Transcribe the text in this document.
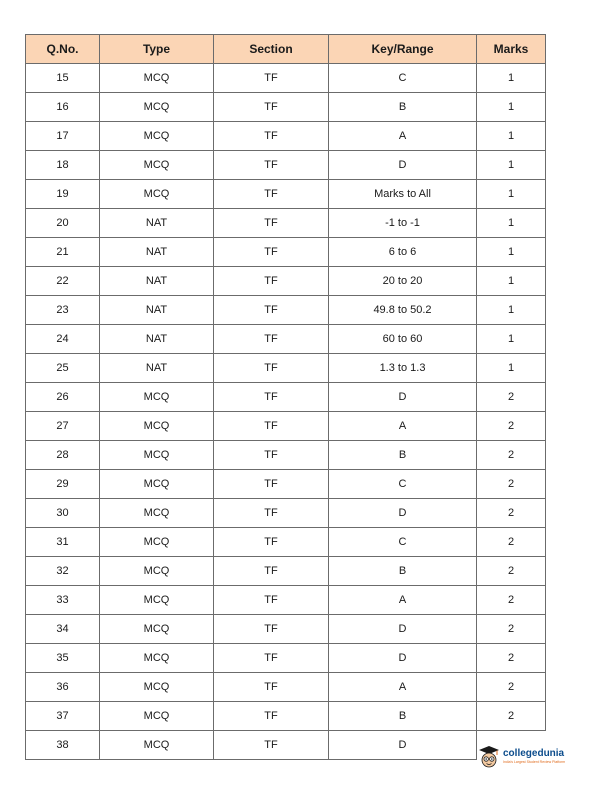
Q.No.	Type	Section	Key/Range	Marks
15	MCQ	TF	C	1
16	MCQ	TF	B	1
17	MCQ	TF	A	1
18	MCQ	TF	D	1
19	MCQ	TF	Marks to All	1
20	NAT	TF	-1 to -1	1
21	NAT	TF	6 to 6	1
22	NAT	TF	20 to 20	1
23	NAT	TF	49.8 to 50.2	1
24	NAT	TF	60 to 60	1
25	NAT	TF	1.3 to 1.3	1
26	MCQ	TF	D	2
27	MCQ	TF	A	2
28	MCQ	TF	B	2
29	MCQ	TF	C	2
30	MCQ	TF	D	2
31	MCQ	TF	C	2
32	MCQ	TF	B	2
33	MCQ	TF	A	2
34	MCQ	TF	D	2
35	MCQ	TF	D	2
36	MCQ	TF	A	2
37	MCQ	TF	B	2
38	MCQ	TF	D	
collegedunia
India's Largest Student Review Platform
